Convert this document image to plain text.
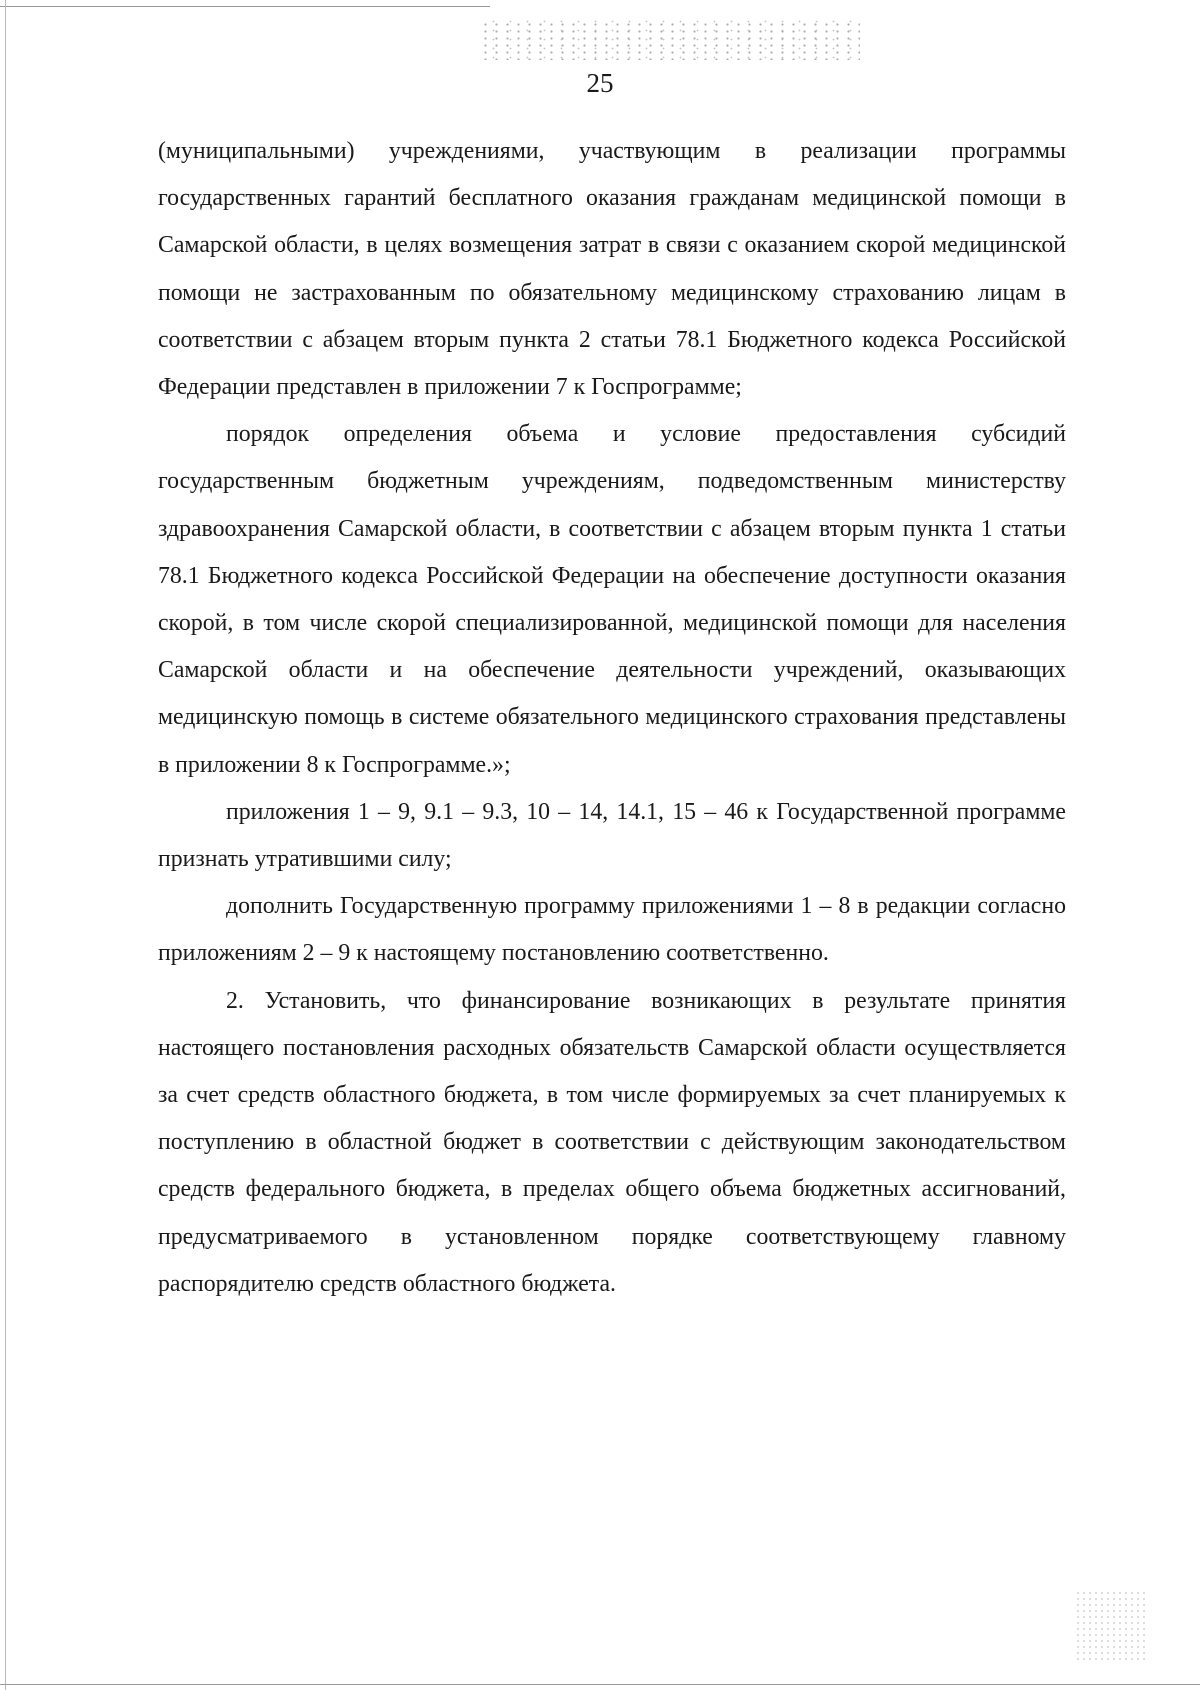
25

(муниципальными) учреждениями, участвующим в реализации программы государственных гарантий бесплатного оказания гражданам медицинской помощи в Самарской области, в целях возмещения затрат в связи с оказанием скорой медицинской помощи не застрахованным по обязательному медицинскому страхованию лицам в соответствии с абзацем вторым пункта 2 статьи 78.1 Бюджетного кодекса Российской Федерации представлен в приложении 7 к Госпрограмме;

порядок определения объема и условие предоставления субсидий государственным бюджетным учреждениям, подведомственным министерству здравоохранения Самарской области, в соответствии с абзацем вторым пункта 1 статьи 78.1 Бюджетного кодекса Российской Федерации на обеспечение доступности оказания скорой, в том числе скорой специализированной, медицинской помощи для населения Самарской области и на обеспечение деятельности учреждений, оказывающих медицинскую помощь в системе обязательного медицинского страхования представлены в приложении 8 к Госпрограмме.»;

приложения 1 – 9, 9.1 – 9.3, 10 – 14, 14.1, 15 – 46 к Государственной программе признать утратившими силу;

дополнить Государственную программу приложениями 1 – 8 в редакции согласно приложениям 2 – 9 к настоящему постановлению соответственно.

2. Установить, что финансирование возникающих в результате принятия настоящего постановления расходных обязательств Самарской области осуществляется за счет средств областного бюджета, в том числе формируемых за счет планируемых к поступлению в областной бюджет в соответствии с действующим законодательством средств федерального бюджета, в пределах общего объема бюджетных ассигнований, предусматриваемого в установленном порядке соответствующему главному распорядителю средств областного бюджета.
